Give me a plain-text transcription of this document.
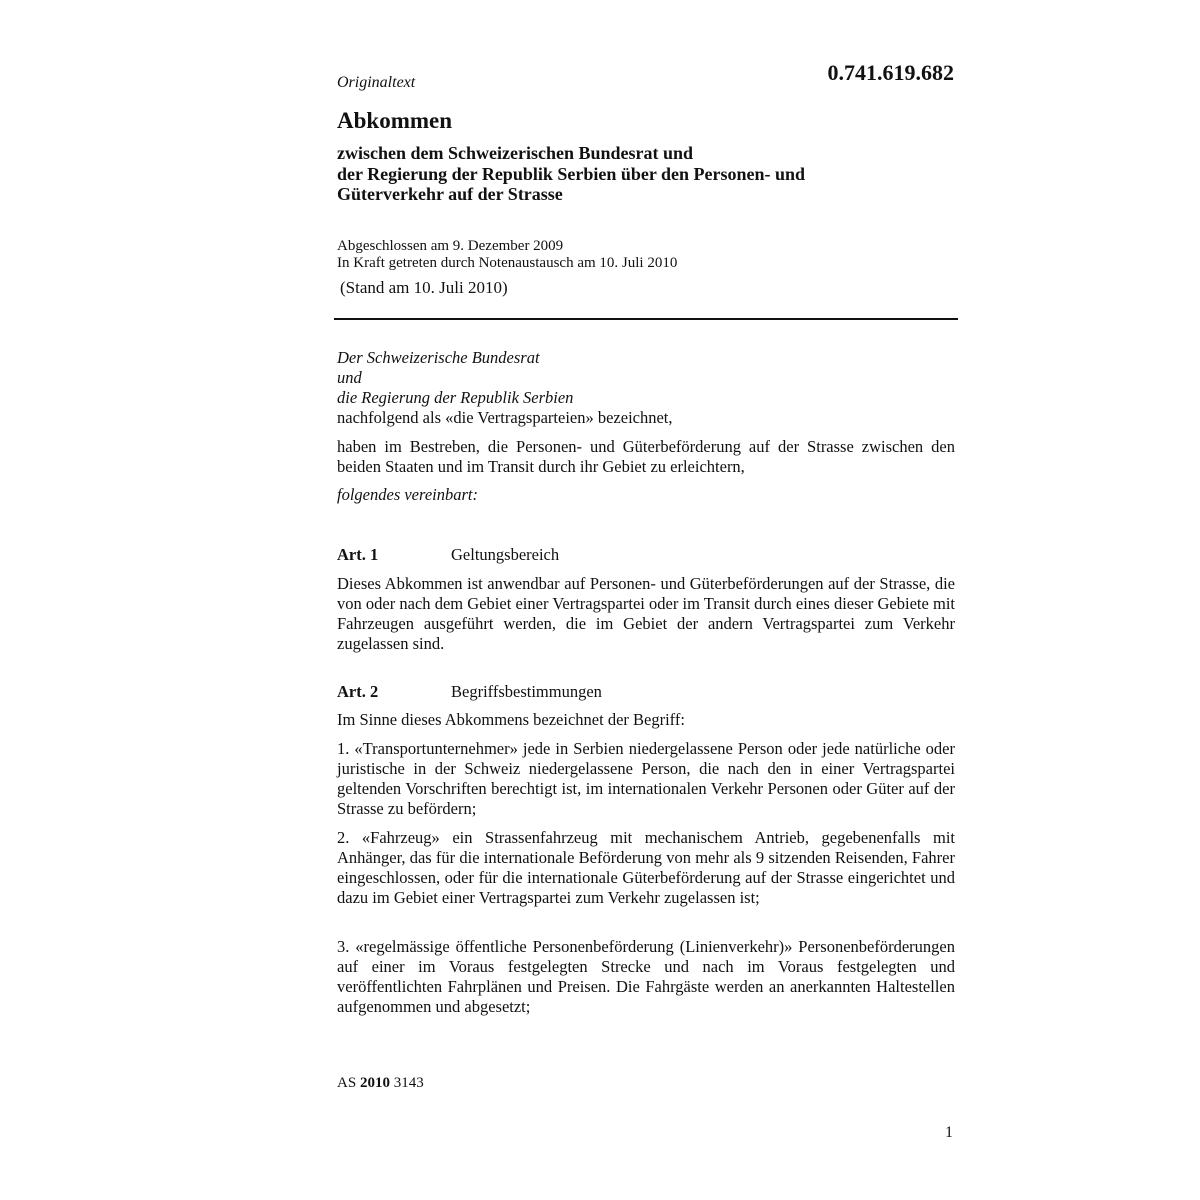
Originaltext	0.741.619.682
Abkommen
zwischen dem Schweizerischen Bundesrat und
der Regierung der Republik Serbien über den Personen- und
Güterverkehr auf der Strasse
Abgeschlossen am 9. Dezember 2009
In Kraft getreten durch Notenaustausch am 10. Juli 2010
(Stand am 10. Juli 2010)
Der Schweizerische Bundesrat
und
die Regierung der Republik Serbien
nachfolgend als «die Vertragsparteien» bezeichnet,
haben im Bestreben, die Personen- und Güterbeförderung auf der Strasse zwischen den beiden Staaten und im Transit durch ihr Gebiet zu erleichtern,
folgendes vereinbart:
Art. 1	Geltungsbereich
Dieses Abkommen ist anwendbar auf Personen- und Güterbeförderungen auf der Strasse, die von oder nach dem Gebiet einer Vertragspartei oder im Transit durch eines dieser Gebiete mit Fahrzeugen ausgeführt werden, die im Gebiet der andern Vertragspartei zum Verkehr zugelassen sind.
Art. 2	Begriffsbestimmungen
Im Sinne dieses Abkommens bezeichnet der Begriff:
1. «Transportunternehmer» jede in Serbien niedergelassene Person oder jede natürliche oder juristische in der Schweiz niedergelassene Person, die nach den in einer Vertragspartei geltenden Vorschriften berechtigt ist, im internationalen Verkehr Personen oder Güter auf der Strasse zu befördern;
2. «Fahrzeug» ein Strassenfahrzeug mit mechanischem Antrieb, gegebenenfalls mit Anhänger, das für die internationale Beförderung von mehr als 9 sitzenden Reisenden, Fahrer eingeschlossen, oder für die internationale Güterbeförderung auf der Strasse eingerichtet und dazu im Gebiet einer Vertragspartei zum Verkehr zugelassen ist;
3. «regelmässige öffentliche Personenbeförderung (Linienverkehr)» Personenbeförderungen auf einer im Voraus festgelegten Strecke und nach im Voraus festgelegten und veröffentlichten Fahrplänen und Preisen. Die Fahrgäste werden an anerkannten Haltestellen aufgenommen und abgesetzt;
AS 2010 3143
1
